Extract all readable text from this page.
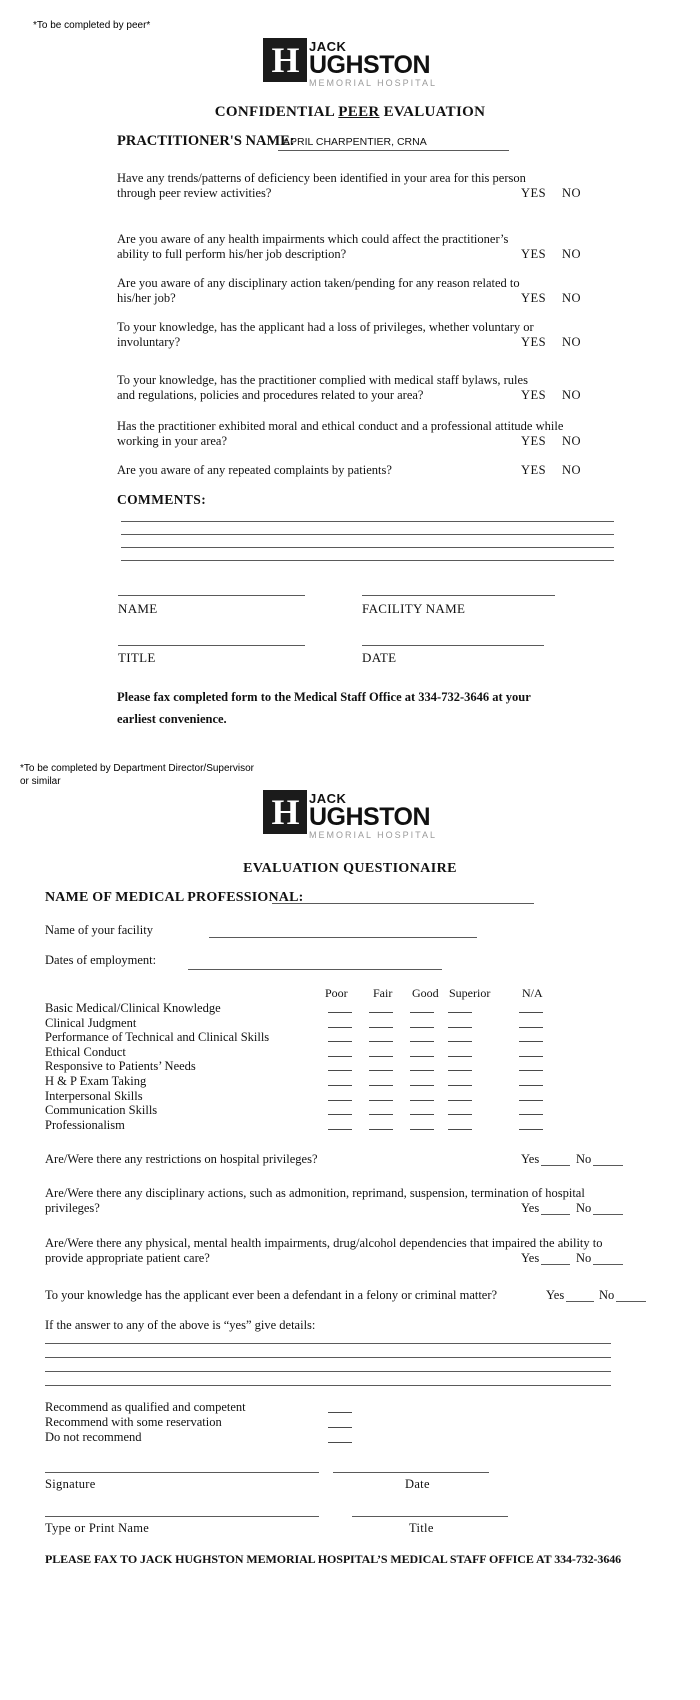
*To be completed by peer*
H JACK
UGHSTON
MEMORIAL HOSPITAL
CONFIDENTIAL PEER EVALUATION
PRACTITIONER'S NAME:
APRIL CHARPENTIER, CRNA
Have any trends/patterns of deficiency been identified in your area for this person through peer review activities?	YES NO
Are you aware of any health impairments which could affect the practitioner’s ability to full perform his/her job description?	YES NO
Are you aware of any disciplinary action taken/pending for any reason related to his/her job?	YES NO
To your knowledge, has the applicant had a loss of privileges, whether voluntary or involuntary?	YES NO
To your knowledge, has the practitioner complied with medical staff bylaws, rules and regulations, policies and procedures related to your area?	YES NO
Has the practitioner exhibited moral and ethical conduct and a professional attitude while working in your area?	YES NO
Are you aware of any repeated complaints by patients?	YES NO
COMMENTS:
NAME	FACILITY NAME
TITLE	DATE
Please fax completed form to the Medical Staff Office at 334-732-3646 at your
earliest convenience.
*To be completed by Department Director/Supervisor
or similar
H JACK
UGHSTON
MEMORIAL HOSPITAL
EVALUATION QUESTIONAIRE
NAME OF MEDICAL PROFESSIONAL:
Name of your facility
Dates of employment:
Poor Fair Good Superior	N/A
Basic Medical/Clinical Knowledge
Clinical Judgment
Performance of Technical and Clinical Skills
Ethical Conduct
Responsive to Patients’ Needs
H & P Exam Taking
Interpersonal Skills
Communication Skills
Professionalism
Are/Were there any restrictions on hospital privileges?	Yes	No
Are/Were there any disciplinary actions, such as admonition, reprimand, suspension, termination of hospital privileges?	Yes	No
Are/Were there any physical, mental health impairments, drug/alcohol dependencies that impaired the ability to provide appropriate patient care?	Yes	No
To your knowledge has the applicant ever been a defendant in a felony or criminal matter?	Yes	No
If the answer to any of the above is “yes” give details:
Recommend as qualified and competent
Recommend with some reservation
Do not recommend
Signature	Date
Type or Print Name	Title
PLEASE FAX TO JACK HUGHSTON MEMORIAL HOSPITAL’S MEDICAL STAFF OFFICE AT 334-732-3646
